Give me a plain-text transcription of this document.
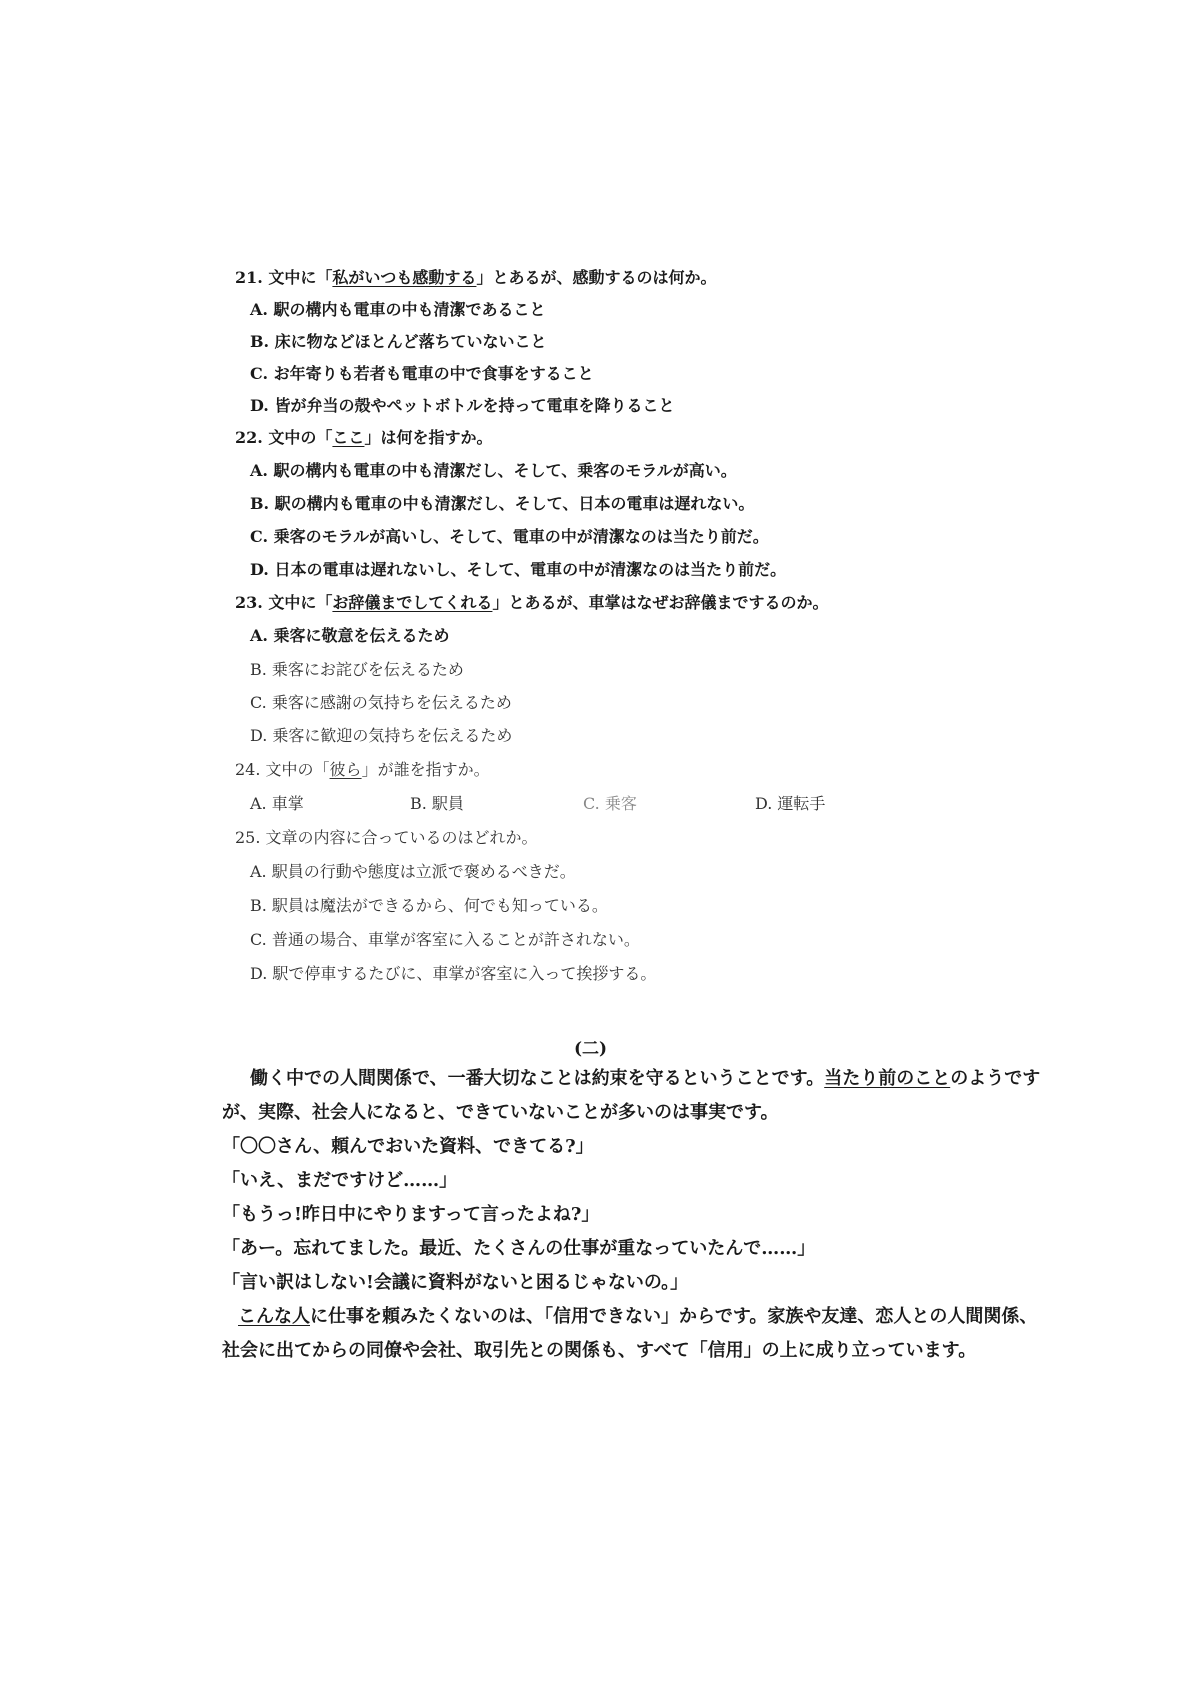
21. 文中に「私がいつも感動する」とあるが、感動するのは何か。
A. 駅の構内も電車の中も清潔であること
B. 床に物などほとんど落ちていないこと
C. お年寄りも若者も電車の中で食事をすること
D. 皆が弁当の殻やペットボトルを持って電車を降りること
22. 文中の「ここ」は何を指すか。
A. 駅の構内も電車の中も清潔だし、そして、乗客のモラルが高い。
B. 駅の構内も電車の中も清潔だし、そして、日本の電車は遅れない。
C. 乗客のモラルが高いし、そして、電車の中が清潔なのは当たり前だ。
D. 日本の電車は遅れないし、そして、電車の中が清潔なのは当たり前だ。
23. 文中に「お辞儀までしてくれる」とあるが、車掌はなぜお辞儀までするのか。
A. 乗客に敬意を伝えるため
B. 乗客にお詫びを伝えるため
C. 乗客に感謝の気持ちを伝えるため
D. 乗客に歓迎の気持ちを伝えるため
24. 文中の「彼ら」が誰を指すか。
A. 車掌	B. 駅員	C. 乗客	D. 運転手
25. 文章の内容に合っているのはどれか。
A. 駅員の行動や態度は立派で褒めるべきだ。
B. 駅員は魔法ができるから、何でも知っている。
C. 普通の場合、車掌が客室に入ることが許されない。
D. 駅で停車するたびに、車掌が客室に入って挨拶する。
(二)
働く中での人間関係で、一番大切なことは約束を守るということです。当たり前のことのようです
が、実際、社会人になると、できていないことが多いのは事実です。
「〇〇さん、頼んでおいた資料、できてる?」
「いえ、まだですけど……」
「もうっ!昨日中にやりますって言ったよね?」
「あー。忘れてました。最近、たくさんの仕事が重なっていたんで……」
「言い訳はしない!会議に資料がないと困るじゃないの。」
こんな人に仕事を頼みたくないのは、「信用できない」からです。家族や友達、恋人との人間関係、
社会に出てからの同僚や会社、取引先との関係も、すべて「信用」の上に成り立っています。
